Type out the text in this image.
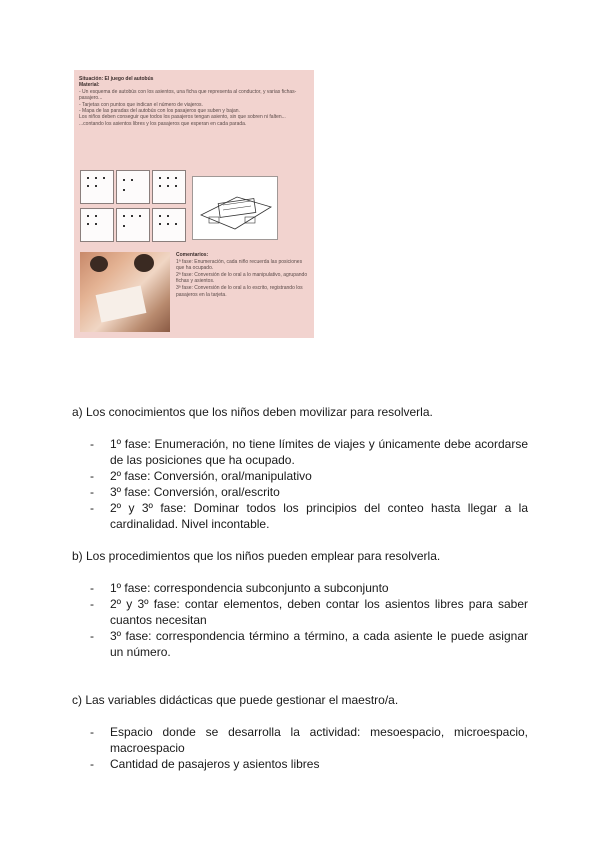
Situación: El juego del autobús
Material:
- Un esquema de autobús con los asientos, una ficha que representa al conductor, y varias fichas-pasajero...
- Tarjetas con puntos que indican el número de viajeros.
- Mapa de las paradas del autobús con los pasajeros que suben y bajan.
Los niños deben conseguir que todos los pasajeros tengan asiento, sin que sobren ni falten...
...contando los asientos libres y los pasajeros que esperan en cada parada.
Comentarios:
1ª fase: Enumeración, cada niño recuerda las posiciones que ha ocupado.
2ª fase: Conversión de lo oral a lo manipulativo, agrupando fichas y asientos.
3ª fase: Conversión de lo oral a lo escrito, registrando los pasajeros en la tarjeta.

a) Los conocimientos que los niños deben movilizar para resolverla.

- 1º fase: Enumeración, no tiene límites de viajes y únicamente debe acordarse de las posiciones que ha ocupado.
- 2º fase: Conversión, oral/manipulativo
- 3º fase: Conversión, oral/escrito
- 2º y 3º fase: Dominar todos los principios del conteo hasta llegar a la cardinalidad. Nivel incontable.

b) Los procedimientos que los niños pueden emplear para resolverla.

- 1º fase: correspondencia subconjunto a subconjunto
- 2º y 3º fase: contar elementos, deben contar los asientos libres para saber cuantos necesitan
- 3º fase: correspondencia término a término, a cada asiente le puede asignar un número.

c) Las variables didácticas que puede gestionar el maestro/a.

- Espacio donde se desarrolla la actividad: mesoespacio, microespacio, macroespacio
- Cantidad de pasajeros y asientos libres
